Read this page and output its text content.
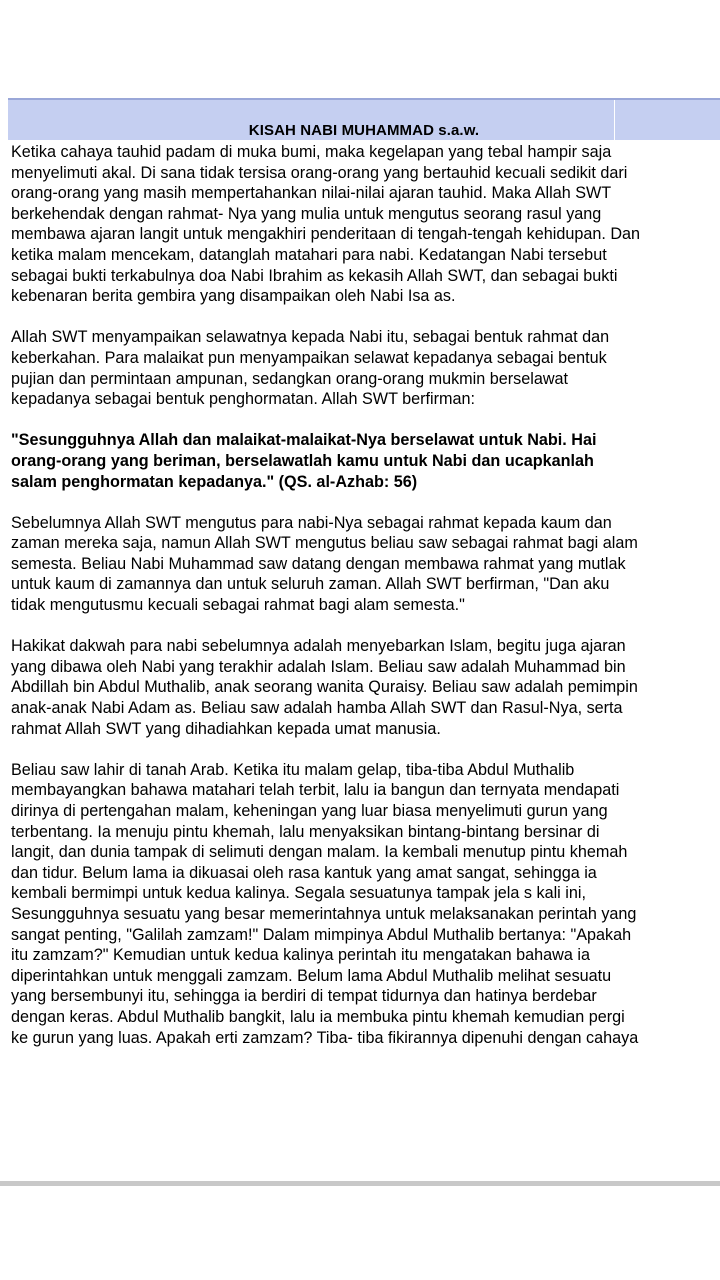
KISAH NABI MUHAMMAD s.a.w.

Ketika cahaya tauhid padam di muka bumi, maka kegelapan yang tebal hampir saja
menyelimuti akal. Di sana tidak tersisa orang-orang yang bertauhid kecuali sedikit dari
orang-orang yang masih mempertahankan nilai-nilai ajaran tauhid. Maka Allah SWT
berkehendak dengan rahmat- Nya yang mulia untuk mengutus seorang rasul yang
membawa ajaran langit untuk mengakhiri penderitaan di tengah-tengah kehidupan. Dan
ketika malam mencekam, datanglah matahari para nabi. Kedatangan Nabi tersebut
sebagai bukti terkabulnya doa Nabi Ibrahim as kekasih Allah SWT, dan sebagai bukti
kebenaran berita gembira yang disampaikan oleh Nabi Isa as.

Allah SWT menyampaikan selawatnya kepada Nabi itu, sebagai bentuk rahmat dan
keberkahan. Para malaikat pun menyampaikan selawat kepadanya sebagai bentuk
pujian dan permintaan ampunan, sedangkan orang-orang mukmin berselawat
kepadanya sebagai bentuk penghormatan. Allah SWT berfirman:

"Sesungguhnya Allah dan malaikat-malaikat-Nya berselawat untuk Nabi. Hai
orang-orang yang beriman, berselawatlah kamu untuk Nabi dan ucapkanlah
salam penghormatan kepadanya." (QS. al-Azhab: 56)

Sebelumnya Allah SWT mengutus para nabi-Nya sebagai rahmat kepada kaum dan
zaman mereka saja, namun Allah SWT mengutus beliau saw sebagai rahmat bagi alam
semesta. Beliau Nabi Muhammad saw datang dengan membawa rahmat yang mutlak
untuk kaum di zamannya dan untuk seluruh zaman. Allah SWT berfirman, "Dan aku
tidak mengutusmu kecuali sebagai rahmat bagi alam semesta."

Hakikat dakwah para nabi sebelumnya adalah menyebarkan Islam, begitu juga ajaran
yang dibawa oleh Nabi yang terakhir adalah Islam. Beliau saw adalah Muhammad bin
Abdillah bin Abdul Muthalib, anak seorang wanita Quraisy. Beliau saw adalah pemimpin
anak-anak Nabi Adam as. Beliau saw adalah hamba Allah SWT dan Rasul-Nya, serta
rahmat Allah SWT yang dihadiahkan kepada umat manusia.

Beliau saw lahir di tanah Arab. Ketika itu malam gelap, tiba-tiba Abdul Muthalib
membayangkan bahawa matahari telah terbit, lalu ia bangun dan ternyata mendapati
dirinya di pertengahan malam, keheningan yang luar biasa menyelimuti gurun yang
terbentang. Ia menuju pintu khemah, lalu menyaksikan bintang-bintang bersinar di
langit, dan dunia tampak di selimuti dengan malam. Ia kembali menutup pintu khemah
dan tidur. Belum lama ia dikuasai oleh rasa kantuk yang amat sangat, sehingga ia
kembali bermimpi untuk kedua kalinya. Segala sesuatunya tampak jela s kali ini,
Sesungguhnya sesuatu yang besar memerintahnya untuk melaksanakan perintah yang
sangat penting, "Galilah zamzam!" Dalam mimpinya Abdul Muthalib bertanya: "Apakah
itu zamzam?" Kemudian untuk kedua kalinya perintah itu mengatakan bahawa ia
diperintahkan untuk menggali zamzam. Belum lama Abdul Muthalib melihat sesuatu
yang bersembunyi itu, sehingga ia berdiri di tempat tidurnya dan hatinya berdebar
dengan keras. Abdul Muthalib bangkit, lalu ia membuka pintu khemah kemudian pergi
ke gurun yang luas. Apakah erti zamzam? Tiba- tiba fikirannya dipenuhi dengan cahaya
